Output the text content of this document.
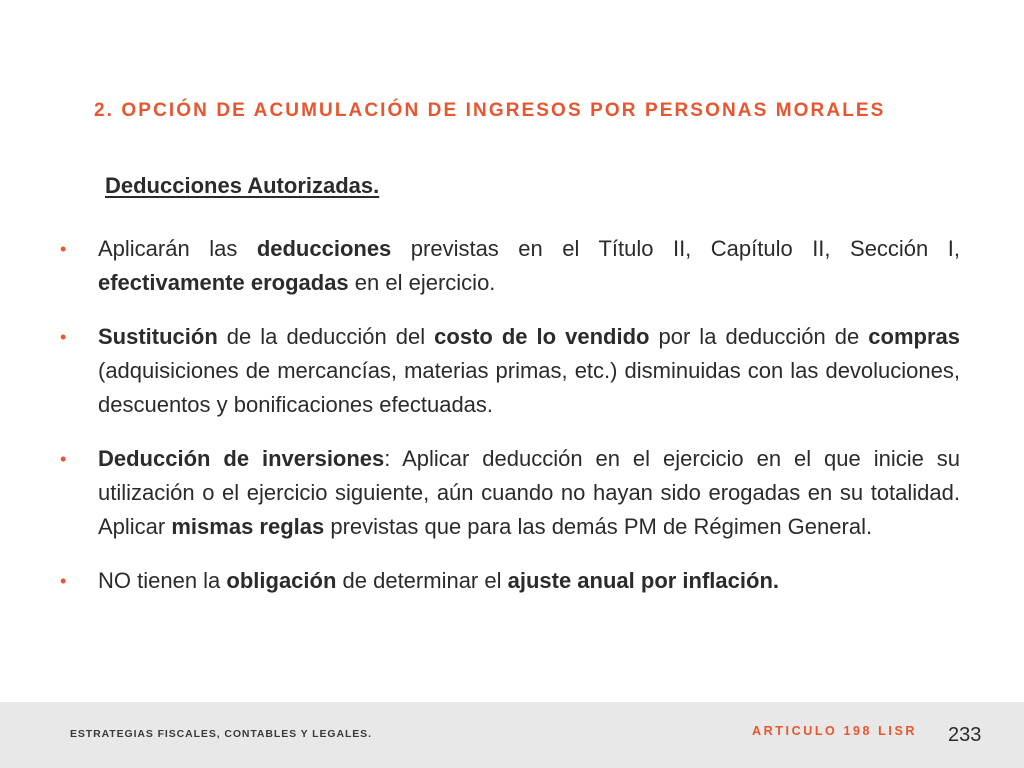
2. OPCIÓN DE ACUMULACIÓN DE INGRESOS POR PERSONAS MORALES
Deducciones Autorizadas.
• Aplicarán las deducciones previstas en el Título II, Capítulo II, Sección I, efectivamente erogadas en el ejercicio.
• Sustitución de la deducción del costo de lo vendido por la deducción de compras (adquisiciones de mercancías, materias primas, etc.) disminuidas con las devoluciones, descuentos y bonificaciones efectuadas.
• Deducción de inversiones: Aplicar deducción en el ejercicio en el que inicie su utilización o el ejercicio siguiente, aún cuando no hayan sido erogadas en su totalidad. Aplicar mismas reglas previstas que para las demás PM de Régimen General.
• NO tienen la obligación de determinar el ajuste anual por inflación.
ESTRATEGIAS FISCALES, CONTABLES Y LEGALES.	ARTICULO 198 LISR 233
